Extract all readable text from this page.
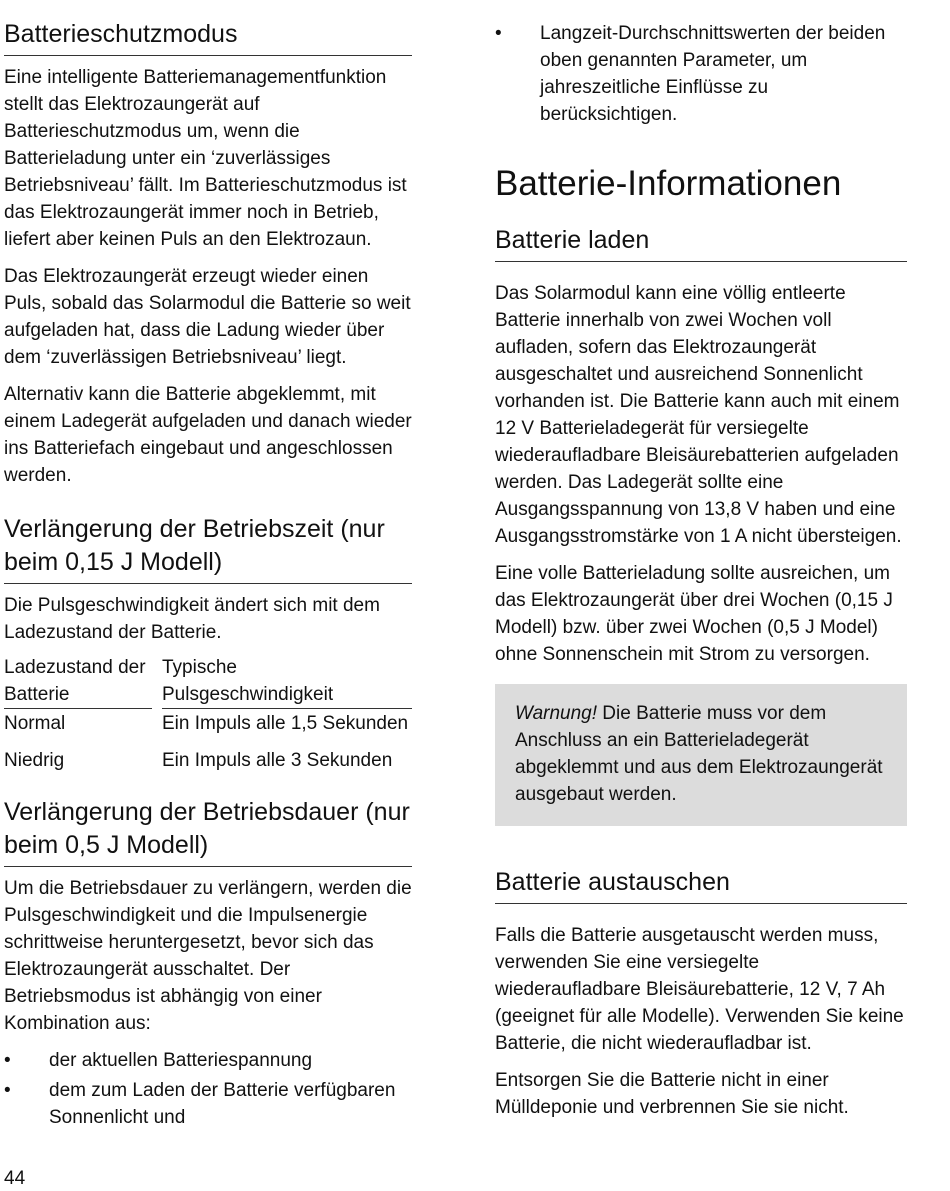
Batterieschutzmodus

Eine intelligente Batteriemanagementfunktion stellt das Elektrozaungerät auf Batterieschutzmodus um, wenn die Batterieladung unter ein ‘zuverlässiges Betriebsniveau’ fällt. Im Batterieschutzmodus ist das Elektrozaungerät immer noch in Betrieb, liefert aber keinen Puls an den Elektrozaun.

Das Elektrozaungerät erzeugt wieder einen Puls, sobald das Solarmodul die Batterie so weit aufgeladen hat, dass die Ladung wieder über dem ‘zuverlässigen Betriebsniveau’ liegt.

Alternativ kann die Batterie abgeklemmt, mit einem Ladegerät aufgeladen und danach wieder ins Batteriefach eingebaut und angeschlossen werden.

Verlängerung der Betriebszeit (nur beim 0,15 J Modell)

Die Pulsgeschwindigkeit ändert sich mit dem Ladezustand der Batterie.

Ladezustand der Batterie
Typische Pulsgeschwindigkeit
Normal	Ein Impuls alle 1,5 Sekunden
Niedrig	Ein Impuls alle 3 Sekunden
Verlängerung der Betriebsdauer (nur beim 0,5 J Modell)

Um die Betriebsdauer zu verlängern, werden die Pulsgeschwindigkeit und die Impulsenergie schrittweise heruntergesetzt, bevor sich das Elektrozaungerät ausschaltet. Der Betriebsmodus ist abhängig von einer Kombination aus:

• der aktuellen Batteriespannung
• dem zum Laden der Batterie verfügbaren Sonnenlicht und
• Langzeit-Durchschnittswerten der beiden oben genannten Parameter, um jahreszeitliche Einflüsse zu berücksichtigen.
Batterie-Informationen
Batterie laden

Das Solarmodul kann eine völlig entleerte Batterie innerhalb von zwei Wochen voll aufladen, sofern das Elektrozaungerät ausgeschaltet und ausreichend Sonnenlicht vorhanden ist. Die Batterie kann auch mit einem 12 V Batterieladegerät für versiegelte wiederaufladbare Bleisäurebatterien aufgeladen werden. Das Ladegerät sollte eine Ausgangsspannung von 13,8 V haben und eine Ausgangsstromstärke von 1 A nicht übersteigen.

Eine volle Batterieladung sollte ausreichen, um das Elektrozaungerät über drei Wochen (0,15 J Modell) bzw. über zwei Wochen (0,5 J Model) ohne Sonnenschein mit Strom zu versorgen.

Warnung! Die Batterie muss vor dem Anschluss an ein Batterieladegerät abgeklemmt und aus dem Elektrozaungerät ausgebaut werden.
Batterie austauschen

Falls die Batterie ausgetauscht werden muss, verwenden Sie eine versiegelte wiederaufladbare Bleisäurebatterie, 12 V, 7 Ah (geeignet für alle Modelle). Verwenden Sie keine Batterie, die nicht wiederaufladbar ist.

Entsorgen Sie die Batterie nicht in einer Mülldeponie und verbrennen Sie sie nicht.

44
